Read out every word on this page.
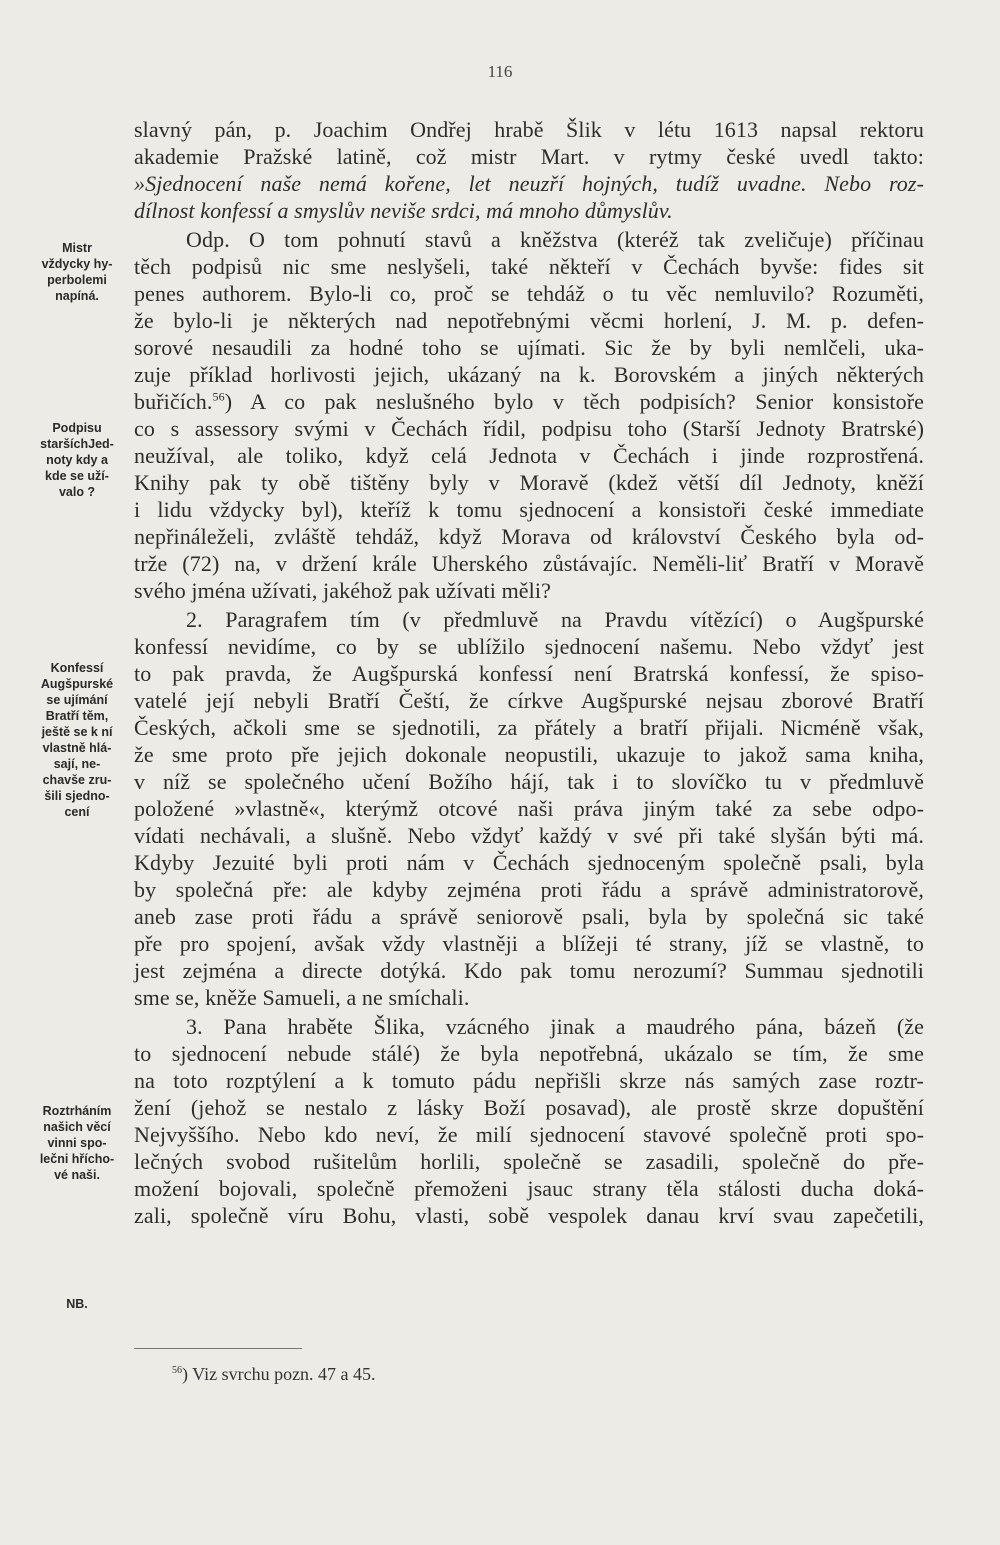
116
slavný pán, p. Joachim Ondřej hrabě Šlik v létu 1613 napsal rektoru
akademie Pražské latině, což mistr Mart. v rytmy české uvedl takto:
»Sjednocení naše nemá kořene, let neuzří hojných, tudíž uvadne. Nebo roz-
dílnost konfessí a smyslův neviše srdci, má mnoho důmyslův.
Odp. O tom pohnutí stavů a kněžstva (kteréž tak zveličuje) příčinau
těch podpisů nic sme neslyšeli, také někteří v Čechách byvše: fides sit
penes authorem. Bylo-li co, proč se tehdáž o tu věc nemluvilo? Rozuměti,
že bylo-li je některých nad nepotřebnými věcmi horlení, J. M. p. defen-
sorové nesaudili za hodné toho se ujímati. Sic že by byli nemlčeli, uka-
zuje příklad horlivosti jejich, ukázaný na k. Borovském a jiných některých
buřičích.$^{56}$) A co pak neslušného bylo v těch podpisích? Senior konsistoře
co s assessory svými v Čechách řídil, podpisu toho (Starší Jednoty Bratrské)
neužíval, ale toliko, když celá Jednota v Čechách i jinde rozprostřená.
Knihy pak ty obě tištěny byly v Moravě (kdež větší díl Jednoty, kněží
i lidu vždycky byl), kteříž k tomu sjednocení a konsistoři české immediate
nepřináleželi, zvláště tehdáž, když Morava od království Českého byla od-
trže (72) na, v držení krále Uherského zůstávajíc. Neměli-liť Bratří v Moravě
svého jména užívati, jakéhož pak užívati měli?
2. Paragrafem tím (v předmluvě na Pravdu vítězící) o Augšpurské
konfessí nevidíme, co by se ublížilo sjednocení našemu. Nebo vždyť jest
to pak pravda, že Augšpurská konfessí není Bratrská konfessí, že spiso-
vatelé její nebyli Bratří Čeští, že církve Augšpurské nejsau zborové Bratří
Českých, ačkoli sme se sjednotili, za přátely a bratří přijali. Nicméně však,
že sme proto pře jejich dokonale neopustili, ukazuje to jakož sama kniha,
v níž se společného učení Božího hájí, tak i to slovíčko tu v předmluvě
položené »vlastně«, kterýmž otcové naši práva jiným také za sebe odpo-
vídati nechávali, a slušně. Nebo vždyť každý v své při také slyšán býti má.
Kdyby Jezuité byli proti nám v Čechách sjednoceným společně psali, byla
by společná pře: ale kdyby zejména proti řádu a správě administratorově,
aneb zase proti řádu a správě seniorově psali, byla by společná sic také
pře pro spojení, avšak vždy vlastněji a blížeji té strany, jíž se vlastně, to
jest zejména a directe dotýká. Kdo pak tomu nerozumí? Summau sjednotili
sme se, kněže Samueli, a ne smíchali.
3. Pana hraběte Šlika, vzácného jinak a maudrého pána, bázeň (že
to sjednocení nebude stálé) že byla nepotřebná, ukázalo se tím, že sme
na toto rozptýlení a k tomuto pádu nepřišli skrze nás samých zase roztr-
žení (jehož se nestalo z lásky Boží posavad), ale prostě skrze dopuštění
Nejvyššího. Nebo kdo neví, že milí sjednocení stavové společně proti spo-
lečných svobod rušitelům horlili, společně se zasadili, společně do pře-
možení bojovali, společně přemoženi jsauc strany těla stálosti ducha doká-
zali, společně víru Bohu, vlasti, sobě vespolek danau krví svau zapečetili,
Mistr
vždycky hy-
perbolemi
napíná.
Podpisu
staršíchJed-
noty kdy a
kde se uží-
valo ?
Konfessí
Augšpurské
se ujímání
Bratří těm,
ještě se k ní
vlastně hlá-
sají, ne-
chavše zru-
šili sjedno-
cení
Roztrháním
našich věcí
vinni spo-
lečni hřícho-
vé naši.
NB.
$^{56}$) Viz svrchu pozn. 47 a 45.
